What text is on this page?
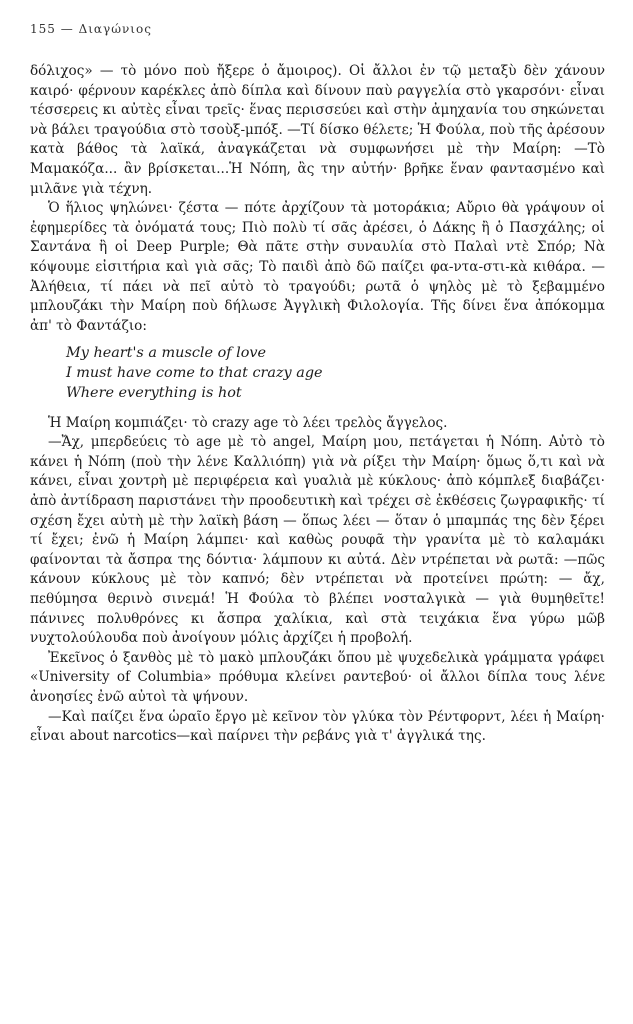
155 — Διαγώνιος

δόλιχος» — τὸ μόνο ποὺ ἤξερε ὁ ἄμοιρος). Οἱ ἄλλοι ἐν τῷ μεταξὺ δὲν χάνουν καιρό· φέρνουν καρέκλες ἀπὸ δίπλα καὶ δίνουν παὺ ραγγελία στὸ γκαρσόνι· εἶναι τέσσερεις κι αὐτὲς εἶναι τρεῖς· ἕνας περισσεύει καὶ στὴν ἀμηχανία του σηκώνεται νὰ βάλει τραγούδια στὸ τσοὺξ-μπόξ. —Τί δίσκο θέλετε; Ἡ Φούλα, ποὺ τῆς ἀρέσουν κατὰ βάθος τὰ λαϊκά, ἀναγκάζεται νὰ συμφωνήσει μὲ τὴν Μαίρη: —Τὸ Μαμακόζα... ἂν βρίσκεται...Ἡ Νόπη, ἂς την αὐτήν· βρῆκε ἕναν φαντασμένο καὶ μιλᾶνε γιὰ τέχνη.

Ὁ ἥλιος ψηλώνει· ζέστα — πότε ἀρχίζουν τὰ μοτοράκια; Αὔριο θὰ γράψουν οἱ ἐφημερίδες τὰ ὀνόματά τους; Πιὸ πολὺ τί σᾶς ἀρέσει, ὁ Δάκης ἢ ὁ Πασχάλης; οἱ Σαντάνα ἢ οἱ Deep Purple; Θὰ πᾶτε στὴν συναυλία στὸ Παλαὶ ντὲ Σπόρ; Νὰ κόψουμε εἰσιτήρια καὶ γιὰ σᾶς; Τὸ παιδὶ ἀπὸ δῶ παίζει φα-ντα-στι-κὰ κιθάρα. —Ἀλήθεια, τί πάει νὰ πεῖ αὐτὸ τὸ τραγούδι; ρωτᾶ ὁ ψηλὸς μὲ τὸ ξεβαμμένο μπλουζάκι τὴν Μαίρη ποὺ δήλωσε Ἀγγλικὴ Φιλολογία. Τῆς δίνει ἕνα ἀπόκομμα ἀπ' τὸ Φαντάζιο:

My heart's a muscle of love
I must have come to that crazy age
Where everything is hot

Ἡ Μαίρη κομπιάζει· τὸ crazy age τὸ λέει τρελὸς ἄγγελος.

—Ἄχ, μπερδεύεις τὸ age μὲ τὸ angel, Μαίρη μου, πετάγεται ἡ Νόπη. Αὐτὸ τὸ κάνει ἡ Νόπη (ποὺ τὴν λένε Καλλιόπη) γιὰ νὰ ρίξει τὴν Μαίρη· ὅμως ὅ,τι καὶ νὰ κάνει, εἶναι χοντρὴ μὲ περιφέρεια καὶ γυαλιὰ μὲ κύκλους· ἀπὸ κόμπλεξ διαβάζει· ἀπὸ ἀντίδραση παριστάνει τὴν προοδευτικὴ καὶ τρέχει σὲ ἐκθέσεις ζωγραφικῆς· τί σχέση ἔχει αὐτὴ μὲ τὴν λαϊκὴ βάση — ὅπως λέει — ὅταν ὁ μπαμπάς της δὲν ξέρει τί ἔχει; ἐνῶ ἡ Μαίρη λάμπει· καὶ καθὼς ρουφᾶ τὴν γρανίτα μὲ τὸ καλαμάκι φαίνονται τὰ ἄσπρα της δόντια· λάμπουν κι αὐτά. Δὲν ντρέπεται νὰ ρωτᾶ: —πῶς κάνουν κύκλους μὲ τὸν καπνό; δὲν ντρέπεται νὰ προτείνει πρώτη: — ἄχ, πεθύμησα θερινὸ σινεμά! Ἡ Φούλα τὸ βλέπει νοσταλγικὰ — γιὰ θυμηθεῖτε! πάνινες πολυθρόνες κι ἄσπρα χαλίκια, καὶ στὰ τειχάκια ἕνα γύρω μῶβ νυχτολούλουδα ποὺ ἀνοίγουν μόλις ἀρχίζει ἡ προβολή.

Ἐκεῖνος ὁ ξανθὸς μὲ τὸ μακὸ μπλουζάκι ὅπου μὲ ψυχεδελικὰ γράμματα γράφει «University of Columbia» πρόθυμα κλείνει ραντεβού· οἱ ἄλλοι δίπλα τους λένε ἀνοησίες ἐνῶ αὐτοὶ τὰ ψήνουν.

—Καὶ παίζει ἕνα ὡραῖο ἔργο μὲ κεῖνον τὸν γλύκα τὸν Ρέντφορντ, λέει ἡ Μαίρη· εἶναι about narcotics—καὶ παίρνει τὴν ρεβάνς γιὰ τ' ἀγγλικά της.
